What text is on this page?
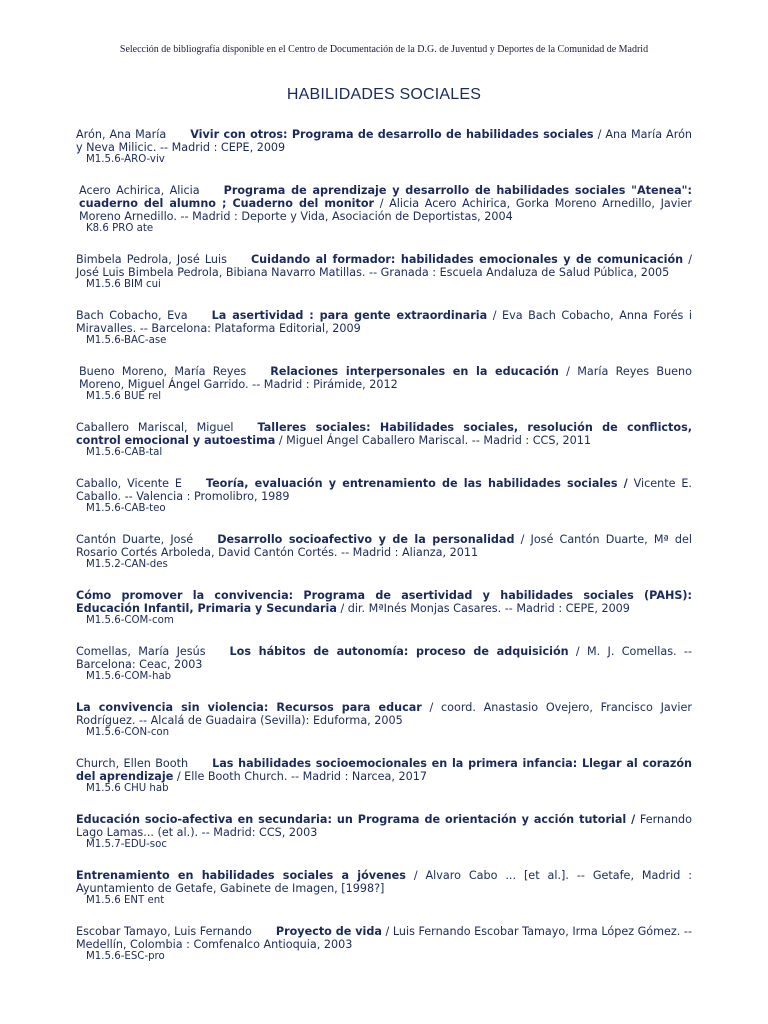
Selección de bibliografía disponible en el Centro de Documentación de la D.G. de Juventud y Deportes de la Comunidad de Madrid
HABILIDADES SOCIALES
Arón, Ana María Vivir con otros: Programa de desarrollo de habilidades sociales / Ana María Arón y Neva Milicic. -- Madrid : CEPE, 2009
M1.5.6-ARO-viv
Acero Achirica, Alicia Programa de aprendizaje y desarrollo de habilidades sociales "Atenea": cuaderno del alumno ; Cuaderno del monitor / Alicia Acero Achirica, Gorka Moreno Arnedillo, Javier Moreno Arnedillo. -- Madrid : Deporte y Vida, Asociación de Deportistas, 2004
K8.6 PRO ate
Bimbela Pedrola, José Luis Cuidando al formador: habilidades emocionales y de comunicación / José Luis Bimbela Pedrola, Bibiana Navarro Matillas. -- Granada : Escuela Andaluza de Salud Pública, 2005
M1.5.6 BIM cui
Bach Cobacho, Eva La asertividad : para gente extraordinaria / Eva Bach Cobacho, Anna Forés i Miravalles. -- Barcelona: Plataforma Editorial, 2009
M1.5.6-BAC-ase
Bueno Moreno, María Reyes Relaciones interpersonales en la educación / María Reyes Bueno Moreno, Miguel Ángel Garrido. -- Madrid : Pirámide, 2012
M1.5.6 BUE rel
Caballero Mariscal, Miguel Talleres sociales: Habilidades sociales, resolución de conflictos, control emocional y autoestima / Miguel Ángel Caballero Mariscal. -- Madrid : CCS, 2011
M1.5.6-CAB-tal
Caballo, Vicente E Teoría, evaluación y entrenamiento de las habilidades sociales / Vicente E. Caballo. -- Valencia : Promolibro, 1989
M1.5.6-CAB-teo
Cantón Duarte, José Desarrollo socioafectivo y de la personalidad / José Cantón Duarte, Mª del Rosario Cortés Arboleda, David Cantón Cortés. -- Madrid : Alianza, 2011
M1.5.2-CAN-des
Cómo promover la convivencia: Programa de asertividad y habilidades sociales (PAHS): Educación Infantil, Primaria y Secundaria / dir. MªInés Monjas Casares. -- Madrid : CEPE, 2009
M1.5.6-COM-com
Comellas, María Jesús Los hábitos de autonomía: proceso de adquisición / M. J. Comellas. -- Barcelona: Ceac, 2003
M1.5.6-COM-hab
La convivencia sin violencia: Recursos para educar / coord. Anastasio Ovejero, Francisco Javier Rodríguez. -- Alcalá de Guadaira (Sevilla): Eduforma, 2005
M1.5.6-CON-con
Church, Ellen Booth Las habilidades socioemocionales en la primera infancia: Llegar al corazón del aprendizaje / Elle Booth Church. -- Madrid : Narcea, 2017
M1.5.6 CHU hab
Educación socio-afectiva en secundaria: un Programa de orientación y acción tutorial / Fernando Lago Lamas... (et al.). -- Madrid: CCS, 2003
M1.5.7-EDU-soc
Entrenamiento en habilidades sociales a jóvenes / Alvaro Cabo ... [et al.]. -- Getafe, Madrid : Ayuntamiento de Getafe, Gabinete de Imagen, [1998?]
M1.5.6 ENT ent
Escobar Tamayo, Luis Fernando Proyecto de vida / Luis Fernando Escobar Tamayo, Irma López Gómez. -- Medellín, Colombia : Comfenalco Antioquia, 2003
M1.5.6-ESC-pro
